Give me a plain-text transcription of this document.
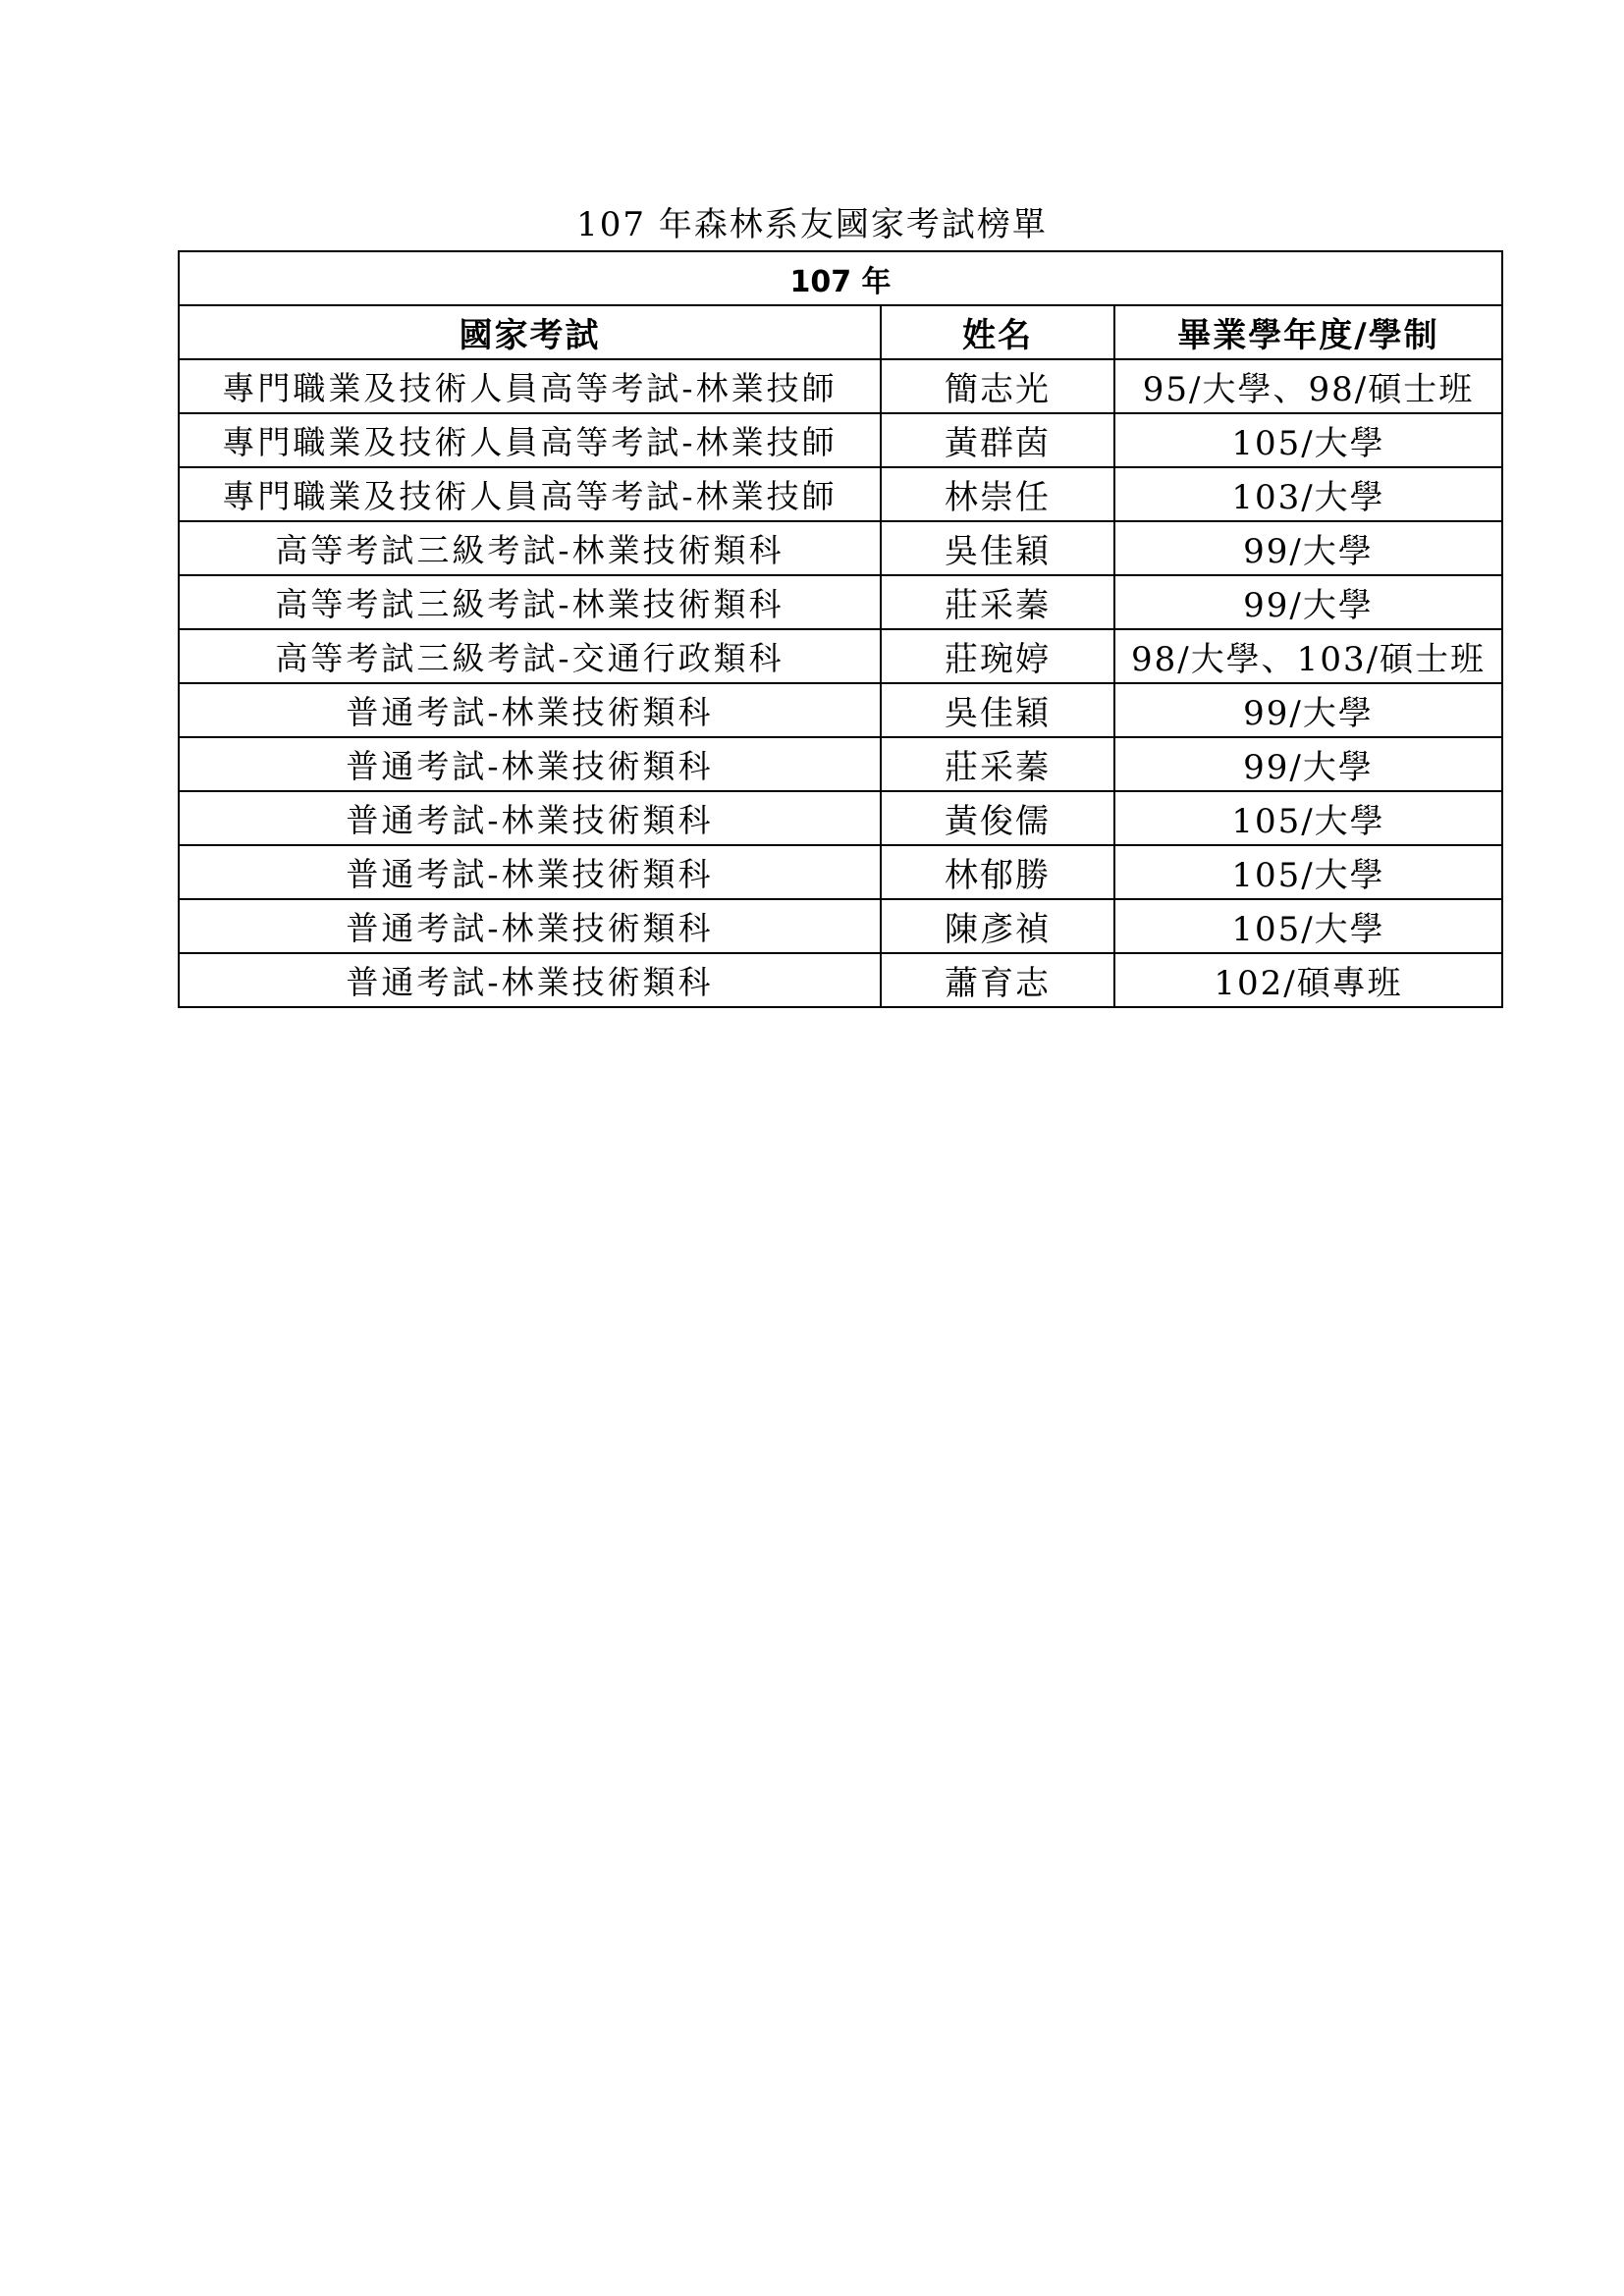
107 年森林系友國家考試榜單
107 年		
國家考試	姓名	畢業學年度/學制
專門職業及技術人員高等考試-林業技師	簡志光	95/大學、98/碩士班
專門職業及技術人員高等考試-林業技師	黃群茵	105/大學
專門職業及技術人員高等考試-林業技師	林崇任	103/大學
高等考試三級考試-林業技術類科	吳佳穎	99/大學
高等考試三級考試-林業技術類科	莊采蓁	99/大學
高等考試三級考試-交通行政類科	莊琬婷	98/大學、103/碩士班
普通考試-林業技術類科	吳佳穎	99/大學
普通考試-林業技術類科	莊采蓁	99/大學
普通考試-林業技術類科	黃俊儒	105/大學
普通考試-林業技術類科	林郁勝	105/大學
普通考試-林業技術類科	陳彥禎	105/大學
普通考試-林業技術類科	蕭育志	102/碩專班
